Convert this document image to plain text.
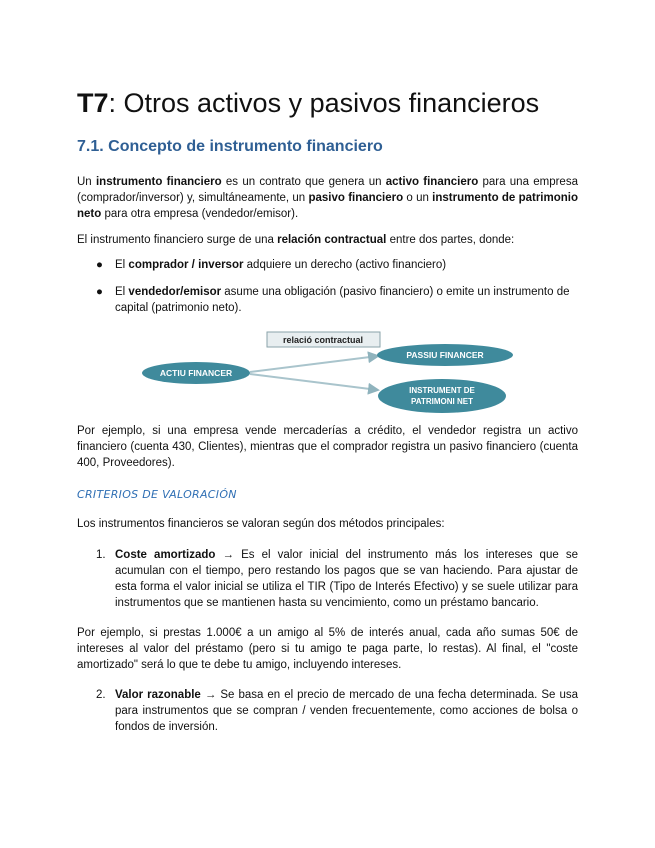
T7: Otros activos y pasivos financieros
7.1. Concepto de instrumento financiero

Un instrumento financiero es un contrato que genera un activo financiero para una empresa (comprador/inversor) y, simultáneamente, un pasivo financiero o un instrumento de patrimonio neto para otra empresa (vendedor/emisor).

El instrumento financiero surge de una relación contractual entre dos partes, donde:

● El comprador / inversor adquiere un derecho (activo financiero)
● El vendedor/emisor asume una obligación (pasivo financiero) o emite un instrumento de capital (patrimonio neto).
relació contractual
ACTIU FINANCER
PASSIU FINANCER
INSTRUMENT DE
PATRIMONI NET

Por ejemplo, si una empresa vende mercaderías a crédito, el vendedor registra un activo financiero (cuenta 430, Clientes), mientras que el comprador registra un pasivo financiero (cuenta 400, Proveedores).

CRITERIOS DE VALORACIÓN

Los instrumentos financieros se valoran según dos métodos principales:

1. Coste amortizado → Es el valor inicial del instrumento más los intereses que se acumulan con el tiempo, pero restando los pagos que se van haciendo. Para ajustar de esta forma el valor inicial se utiliza el TIR (Tipo de Interés Efectivo) y se suele utilizar para instrumentos que se mantienen hasta su vencimiento, como un préstamo bancario.

Por ejemplo, si prestas 1.000€ a un amigo al 5% de interés anual, cada año sumas 50€ de intereses al valor del préstamo (pero si tu amigo te paga parte, lo restas). Al final, el "coste amortizado" será lo que te debe tu amigo, incluyendo intereses.

2. Valor razonable → Se basa en el precio de mercado de una fecha determinada. Se usa para instrumentos que se compran / venden frecuentemente, como acciones de bolsa o fondos de inversión.
